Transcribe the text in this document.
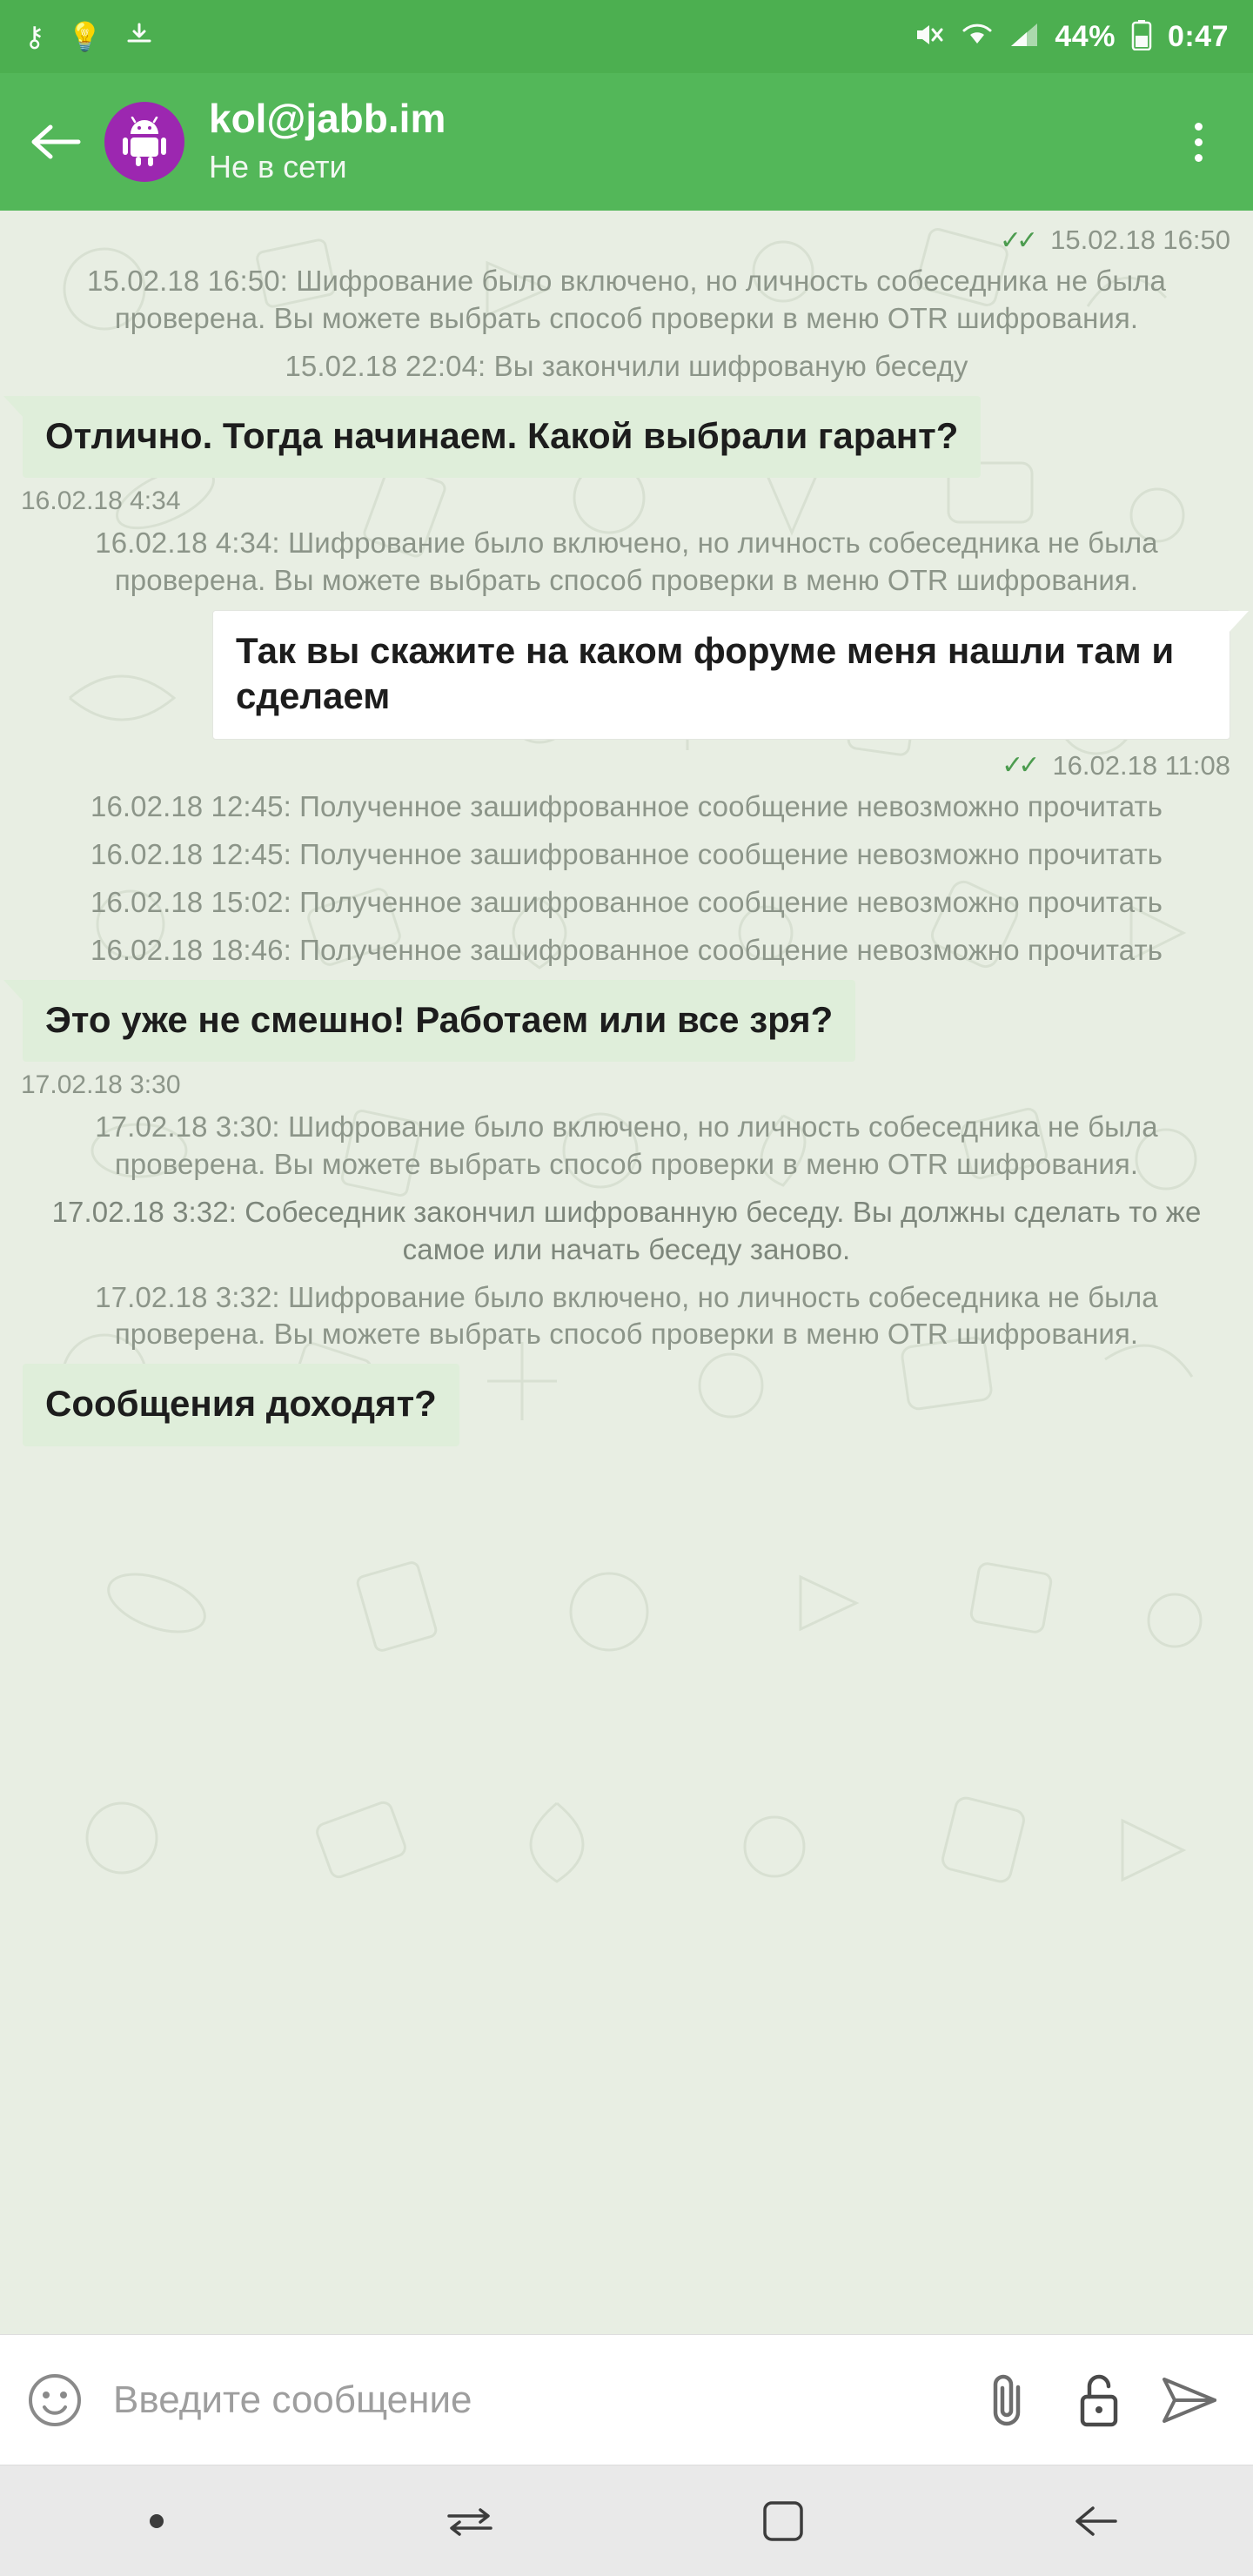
⚷ 💡	44% 0:47
kol@jabb.im
Не в сети
✓✓ 15.02.18 16:50
15.02.18 16:50: Шифрование было включено, но личность собеседника не была проверена. Вы можете выбрать способ проверки в меню OTR шифрования.
15.02.18 22:04: Вы закончили шифрованую беседу
Отлично. Тогда начинаем. Какой выбрали гарант?
16.02.18 4:34
16.02.18 4:34: Шифрование было включено, но личность собеседника не была проверена. Вы можете выбрать способ проверки в меню OTR шифрования.
Так вы скажите на каком форуме меня нашли там и сделаем
✓✓ 16.02.18 11:08
16.02.18 12:45: Полученное зашифрованное сообщение невозможно прочитать
16.02.18 12:45: Полученное зашифрованное сообщение невозможно прочитать
16.02.18 15:02: Полученное зашифрованное сообщение невозможно прочитать
16.02.18 18:46: Полученное зашифрованное сообщение невозможно прочитать
Это уже не смешно! Работаем или все зря?
17.02.18 3:30
17.02.18 3:30: Шифрование было включено, но личность собеседника не была проверена. Вы можете выбрать способ проверки в меню OTR шифрования.
17.02.18 3:32: Собеседник закончил шифрованную беседу. Вы должны сделать то же самое или начать беседу заново.
17.02.18 3:32: Шифрование было включено, но личность собеседника не была проверена. Вы можете выбрать способ проверки в меню OTR шифрования.
Сообщения доходят?
Введите сообщение
